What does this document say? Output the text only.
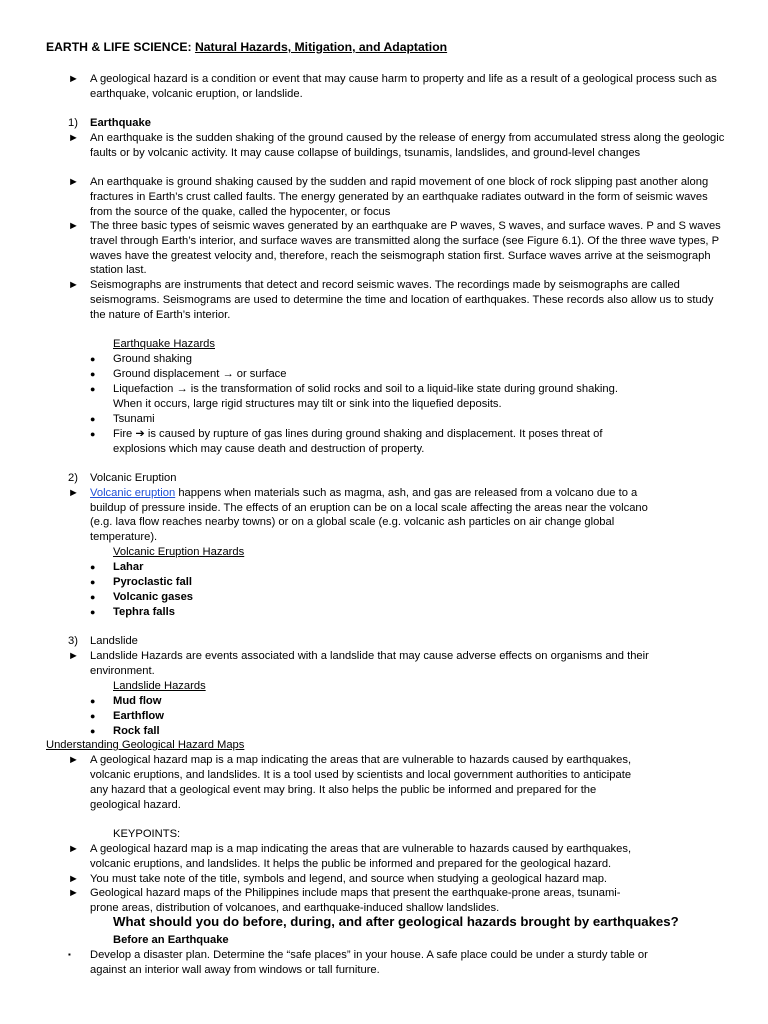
EARTH & LIFE SCIENCE: Natural Hazards, Mitigation, and Adaptation
► A geological hazard is a condition or event that may cause harm to property and life as a result of a geological process such as earthquake, volcanic eruption, or landslide.
1) Earthquake
► An earthquake is the sudden shaking of the ground caused by the release of energy from accumulated stress along the geologic faults or by volcanic activity. It may cause collapse of buildings, tsunamis, landslides, and ground-level changes
► An earthquake is ground shaking caused by the sudden and rapid movement of one block of rock slipping past another along fractures in Earth’s crust called faults. The energy generated by an earthquake radiates outward in the form of seismic waves from the source of the quake, called the hypocenter, or focus
► The three basic types of seismic waves generated by an earthquake are P waves, S waves, and surface waves. P and S waves travel through Earth’s interior, and surface waves are transmitted along the surface (see Figure 6.1). Of the three wave types, P waves have the greatest velocity and, therefore, reach the seismograph station first. Surface waves arrive at the seismograph station last.
► Seismographs are instruments that detect and record seismic waves. The recordings made by seismographs are called seismograms. Seismograms are used to determine the time and location of earthquakes. These records also allow us to study the nature of Earth’s interior.
Earthquake Hazards
● Ground shaking
● Ground displacement → or surface
● Liquefaction → is the transformation of solid rocks and soil to a liquid-like state during ground shaking.
When it occurs, large rigid structures may tilt or sink into the liquefied deposits.
● Tsunami
● Fire ➔ is caused by rupture of gas lines during ground shaking and displacement. It poses threat of
explosions which may cause death and destruction of property.
2) Volcanic Eruption
► Volcanic eruption happens when materials such as magma, ash, and gas are released from a volcano due to a
buildup of pressure inside. The effects of an eruption can be on a local scale affecting the areas near the volcano
(e.g. lava flow reaches nearby towns) or on a global scale (e.g. volcanic ash particles on air change global
temperature).
Volcanic Eruption Hazards
● Lahar
● Pyroclastic fall
● Volcanic gases
● Tephra falls
3) Landslide
► Landslide Hazards are events associated with a landslide that may cause adverse effects on organisms and their
environment.
Landslide Hazards
● Mud flow
● Earthflow
● Rock fall
Understanding Geological Hazard Maps
► A geological hazard map is a map indicating the areas that are vulnerable to hazards caused by earthquakes,
volcanic eruptions, and landslides. It is a tool used by scientists and local government authorities to anticipate
any hazard that a geological event may bring. It also helps the public be informed and prepared for the
geological hazard.
KEYPOINTS:
► A geological hazard map is a map indicating the areas that are vulnerable to hazards caused by earthquakes,
volcanic eruptions, and landslides. It helps the public be informed and prepared for the geological hazard.
► You must take note of the title, symbols and legend, and source when studying a geological hazard map.
► Geological hazard maps of the Philippines include maps that present the earthquake-prone areas, tsunami-
prone areas, distribution of volcanoes, and earthquake-induced shallow landslides.
What should you do before, during, and after geological hazards brought by earthquakes?
Before an Earthquake
▪ Develop a disaster plan. Determine the “safe places” in your house. A safe place could be under a sturdy table or
against an interior wall away from windows or tall furniture.
